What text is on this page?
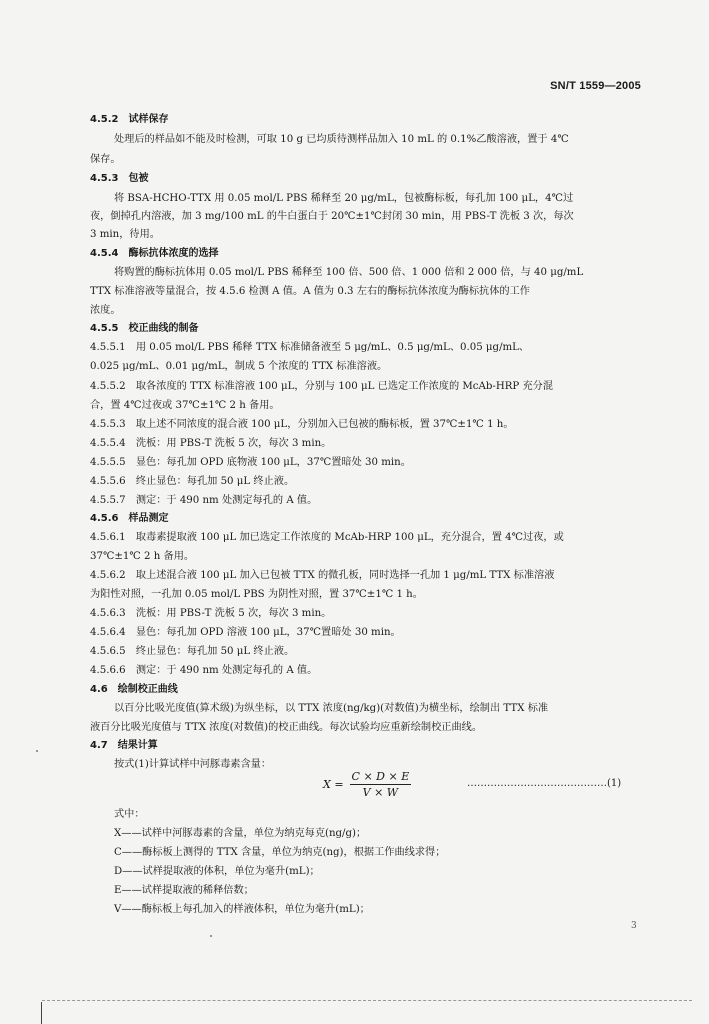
SN/T 1559—2005
4.5.2　试样保存
处理后的样品如不能及时检测，可取 10 g 已均质待测样品加入 10 mL 的 0.1%乙酸溶液，置于 4℃
保存。
4.5.3　包被
将 BSA-HCHO-TTX 用 0.05 mol/L PBS 稀释至 20 μg/mL，包被酶标板，每孔加 100 μL，4℃过
夜，倒掉孔内溶液，加 3 mg/100 mL 的牛白蛋白于 20℃±1℃封闭 30 min，用 PBS-T 洗板 3 次，每次
3 min，待用。
4.5.4　酶标抗体浓度的选择
将购置的酶标抗体用 0.05 mol/L PBS 稀释至 100 倍、500 倍、1 000 倍和 2 000 倍，与 40 μg/mL
TTX 标准溶液等量混合，按 4.5.6 检测 A 值。A 值为 0.3 左右的酶标抗体浓度为酶标抗体的工作
浓度。
4.5.5　校正曲线的制备
4.5.5.1　用 0.05 mol/L PBS 稀释 TTX 标准储备液至 5 μg/mL、0.5 μg/mL、0.05 μg/mL、
0.025 μg/mL、0.01 μg/mL，制成 5 个浓度的 TTX 标准溶液。
4.5.5.2　取各浓度的 TTX 标准溶液 100 μL，分别与 100 μL 已选定工作浓度的 McAb-HRP 充分混
合，置 4℃过夜或 37℃±1℃ 2 h 备用。
4.5.5.3　取上述不同浓度的混合液 100 μL，分别加入已包被的酶标板，置 37℃±1℃ 1 h。
4.5.5.4　洗板：用 PBS-T 洗板 5 次，每次 3 min。
4.5.5.5　显色：每孔加 OPD 底物液 100 μL，37℃置暗处 30 min。
4.5.5.6　终止显色：每孔加 50 μL 终止液。
4.5.5.7　测定：于 490 nm 处测定每孔的 A 值。
4.5.6　样品测定
4.5.6.1　取毒素提取液 100 μL 加已选定工作浓度的 McAb-HRP 100 μL，充分混合，置 4℃过夜，或
37℃±1℃ 2 h 备用。
4.5.6.2　取上述混合液 100 μL 加入已包被 TTX 的微孔板，同时选择一孔加 1 μg/mL TTX 标准溶液
为阳性对照，一孔加 0.05 mol/L PBS 为阴性对照，置 37℃±1℃ 1 h。
4.5.6.3　洗板：用 PBS-T 洗板 5 次，每次 3 min。
4.5.6.4　显色：每孔加 OPD 溶液 100 μL，37℃置暗处 30 min。
4.5.6.5　终止显色：每孔加 50 μL 终止液。
4.5.6.6　测定：于 490 nm 处测定每孔的 A 值。
4.6　绘制校正曲线
以百分比吸光度值(算术级)为纵坐标，以 TTX 浓度(ng/kg)(对数值)为横坐标，绘制出 TTX 标准
液百分比吸光度值与 TTX 浓度(对数值)的校正曲线。每次试验均应重新绘制校正曲线。
4.7　结果计算
按式(1)计算试样中河豚毒素含量：
$X = \frac{C \times D \times E}{V \times W}$	……………………………………(1)
式中：
X——试样中河豚毒素的含量，单位为纳克每克(ng/g)；
C——酶标板上测得的 TTX 含量，单位为纳克(ng)，根据工作曲线求得；
D——试样提取液的体积，单位为毫升(mL)；
E——试样提取液的稀释倍数；
V——酶标板上每孔加入的样液体积，单位为毫升(mL)；
3
